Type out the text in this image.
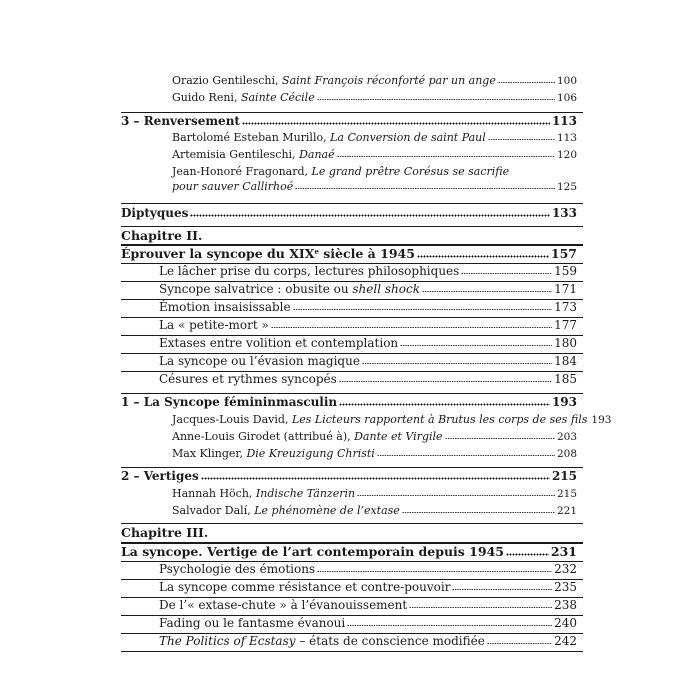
Orazio Gentileschi, Saint François réconforté par un ange	100
Guido Reni, Sainte Cécile	106
3 – Renversement	113
Bartolomé Esteban Murillo, La Conversion de saint Paul	113
Artemisia Gentileschi, Danaé	120
Jean-Honoré Fragonard, Le grand prêtre Corésus se sacrifie
pour sauver Callirhoé	125
Diptyques	133
Chapitre II.
Éprouver la syncope du XIXe siècle à 1945	157
Le lâcher prise du corps, lectures philosophiques	159
Syncope salvatrice : obusite ou shell shock	171
Émotion insaisissable	173
La « petite-mort »	177
Extases entre volition et contemplation	180
La syncope ou l’évasion magique	184
Césures et rythmes syncopés	185
1 – La Syncope fémininmasculin	193
Jacques-Louis David, Les Licteurs rapportent à Brutus les corps de ses fils 193
Anne-Louis Girodet (attribué à), Dante et Virgile	203
Max Klinger, Die Kreuzigung Christi	208
2 – Vertiges	215
Hannah Höch, Indische Tänzerin	215
Salvador Dalí, Le phénomène de l’extase	221
Chapitre III.
La syncope. Vertige de l’art contemporain depuis 1945	231
Psychologie des émotions	232
La syncope comme résistance et contre-pouvoir	235
De l’« extase-chute » à l’évanouissement	238
Fading ou le fantasme évanoui	240
The Politics of Ecstasy – états de conscience modifiée	242
